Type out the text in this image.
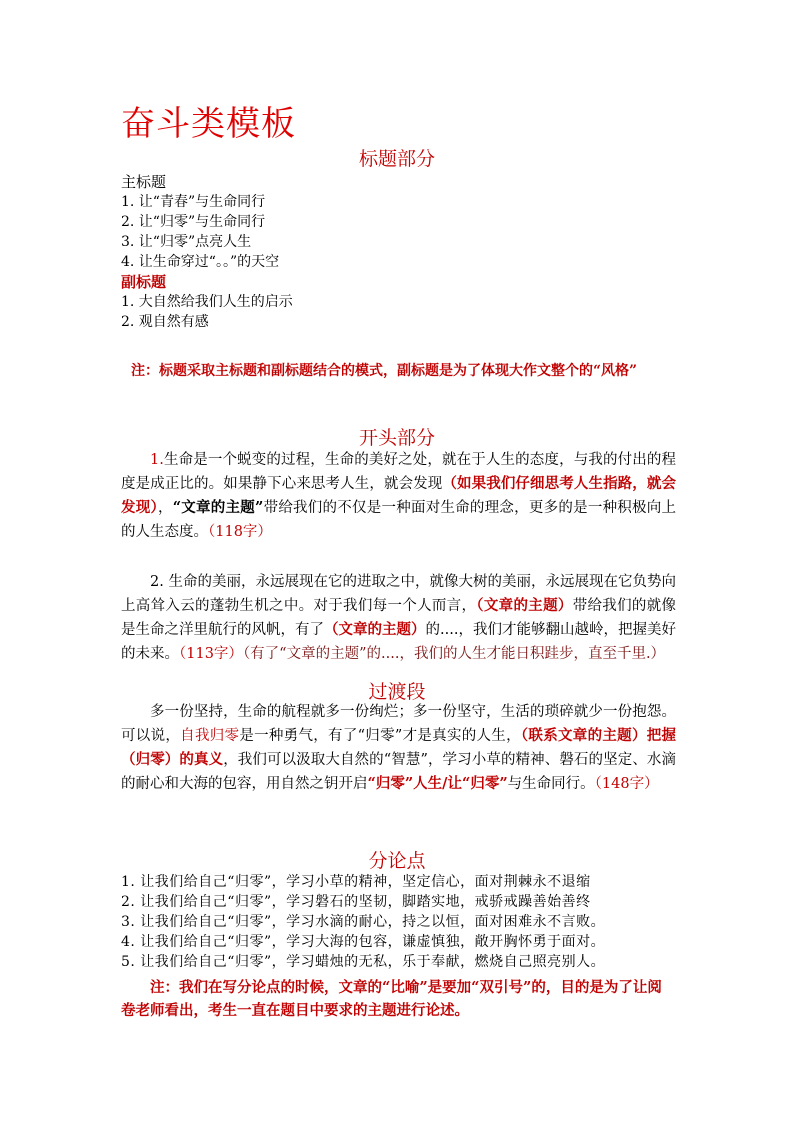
奋斗类模板
标题部分
主标题
1. 让“青春”与生命同行
2. 让“归零”与生命同行
3. 让“归零”点亮人生
4. 让生命穿过“。。”的天空
副标题
1. 大自然给我们人生的启示
2. 观自然有感
注：标题采取主标题和副标题结合的模式，副标题是为了体现大作文整个的“风格”
开头部分
1.生命是一个蜕变的过程，生命的美好之处，就在于人生的态度，与我的付出的程度是成正比的。如果静下心来思考人生，就会发现（如果我们仔细思考人生指路，就会发现），“文章的主题”带给我们的不仅是一种面对生命的理念，更多的是一种积极向上的人生态度。（118字）
2. 生命的美丽，永远展现在它的进取之中，就像大树的美丽，永远展现在它负势向上高耸入云的蓬勃生机之中。对于我们每一个人而言，（文章的主题）带给我们的就像是生命之洋里航行的风帆，有了（文章的主题）的....，我们才能够翻山越岭，把握美好的未来。（113字）（有了“文章的主题”的....，我们的人生才能日积跬步，直至千里.）
过渡段
多一份坚持，生命的航程就多一份绚烂；多一份坚守，生活的琐碎就少一份抱怨。可以说，自我归零是一种勇气，有了“归零”才是真实的人生，（联系文章的主题）把握（归零）的真义，我们可以汲取大自然的“智慧”，学习小草的精神、磐石的坚定、水滴的耐心和大海的包容，用自然之钥开启“归零”人生/让“归零”与生命同行。（148字）
分论点
1. 让我们给自己“归零”，学习小草的精神，坚定信心，面对荆棘永不退缩
2. 让我们给自己“归零”，学习磐石的坚韧，脚踏实地，戒骄戒躁善始善终
3. 让我们给自己“归零”，学习水滴的耐心，持之以恒，面对困难永不言败。
4. 让我们给自己“归零”，学习大海的包容，谦虚慎独，敞开胸怀勇于面对。
5. 让我们给自己“归零”，学习蜡烛的无私，乐于奉献，燃烧自己照亮别人。
注：我们在写分论点的时候，文章的“比喻”是要加“双引号”的，目的是为了让阅卷老师看出，考生一直在题目中要求的主题进行论述。
